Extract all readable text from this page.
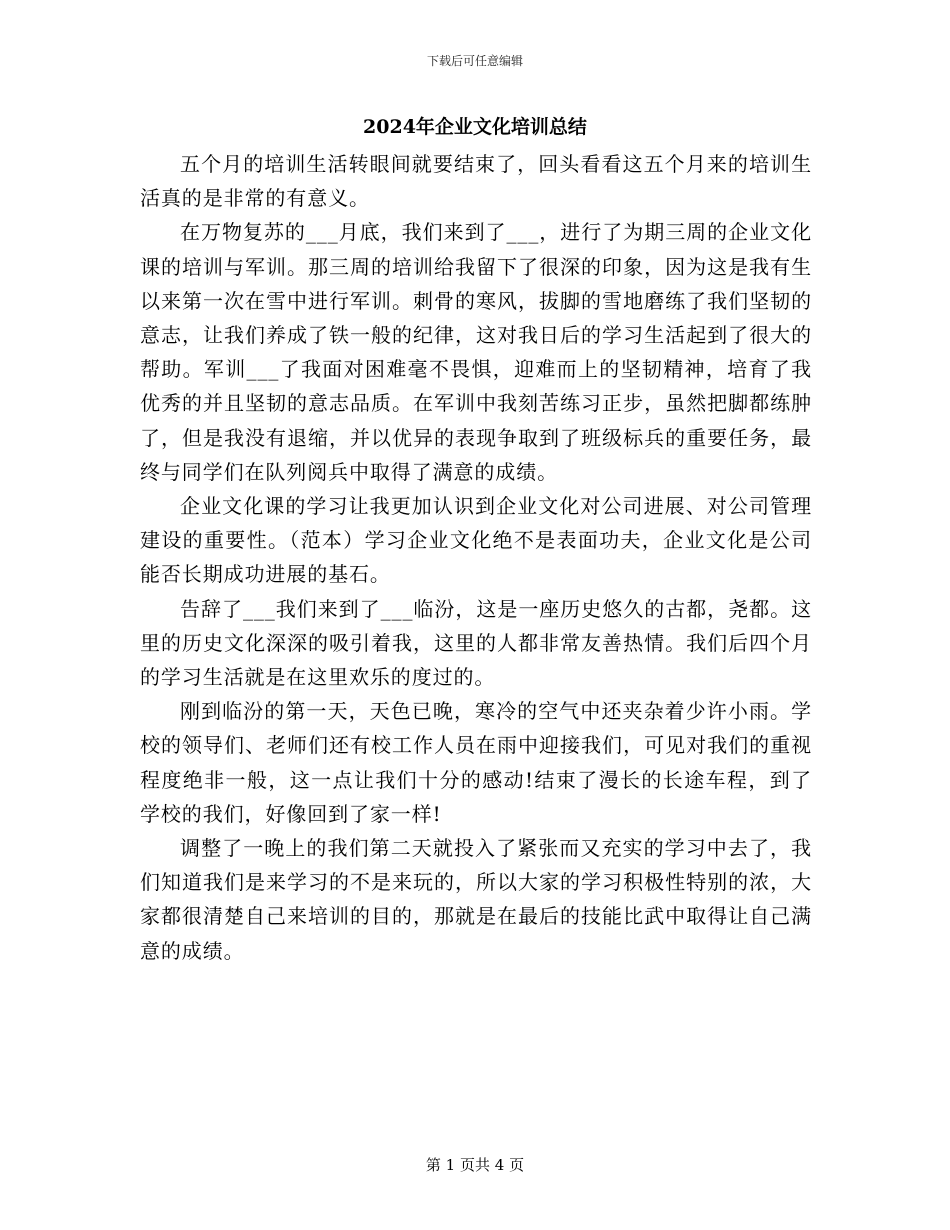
下载后可任意编辑
2024年企业文化培训总结

五个月的培训生活转眼间就要结束了，回头看看这五个月来的培训生活真的是非常的有意义。

在万物复苏的___月底，我们来到了___，进行了为期三周的企业文化课的培训与军训。那三周的培训给我留下了很深的印象，因为这是我有生以来第一次在雪中进行军训。刺骨的寒风，拔脚的雪地磨练了我们坚韧的意志，让我们养成了铁一般的纪律，这对我日后的学习生活起到了很大的帮助。军训___了我面对困难毫不畏惧，迎难而上的坚韧精神，培育了我优秀的并且坚韧的意志品质。在军训中我刻苦练习正步，虽然把脚都练肿了，但是我没有退缩，并以优异的表现争取到了班级标兵的重要任务，最终与同学们在队列阅兵中取得了满意的成绩。

企业文化课的学习让我更加认识到企业文化对公司进展、对公司管理建设的重要性。（范本）学习企业文化绝不是表面功夫，企业文化是公司能否长期成功进展的基石。

告辞了___我们来到了___临汾，这是一座历史悠久的古都，尧都。这里的历史文化深深的吸引着我，这里的人都非常友善热情。我们后四个月的学习生活就是在这里欢乐的度过的。

刚到临汾的第一天，天色已晚，寒冷的空气中还夹杂着少许小雨。学校的领导们、老师们还有校工作人员在雨中迎接我们，可见对我们的重视程度绝非一般，这一点让我们十分的感动!结束了漫长的长途车程，到了学校的我们，好像回到了家一样!

调整了一晚上的我们第二天就投入了紧张而又充实的学习中去了，我们知道我们是来学习的不是来玩的，所以大家的学习积极性特别的浓，大家都很清楚自己来培训的目的，那就是在最后的技能比武中取得让自己满意的成绩。

第 1 页共 4 页
